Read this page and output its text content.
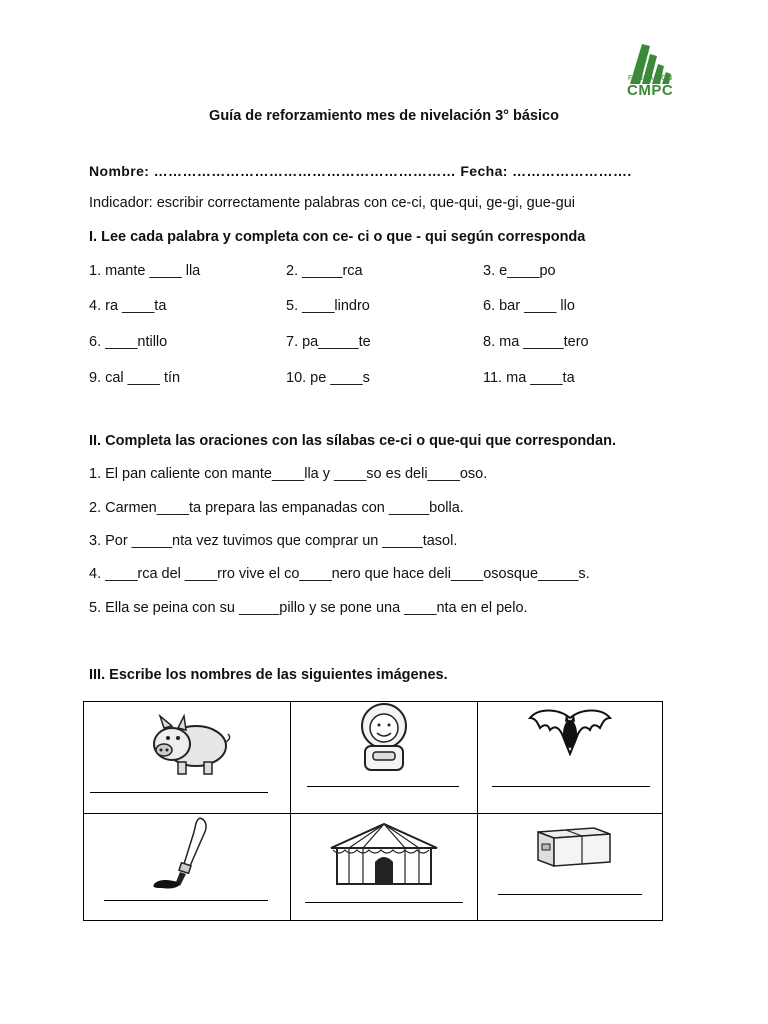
FUNDACIÓN
CMPC
Guía de reforzamiento mes de nivelación 3° básico
Nombre: ……………………………………………………… Fecha: …………………….
Indicador: escribir correctamente palabras con ce-ci, que-qui, ge-gi, gue-gui
I. Lee cada palabra y completa con ce- ci o que - qui según corresponda
1. mante ____ lla	2. _____rca	3. e____po
4. ra ____ta	5. ____lindro	6. bar ____ llo
6. ____ntillo	7. pa_____te	8. ma _____tero
9. cal ____ tín	10. pe ____s	11. ma ____ta
II. Completa las oraciones con las sílabas ce-ci o que-qui que correspondan.
1. El pan caliente con mante____lla y ____so es deli____oso.
2. Carmen____ta prepara las empanadas con _____bolla.
3. Por _____nta vez tuvimos que comprar un _____tasol.
4. ____rca del ____rro vive el co____nero que hace deli____ososque_____s.
5. Ella se peina con su _____pillo y se pone una ____nta en el pelo.
III. Escribe los nombres de las siguientes imágenes.
